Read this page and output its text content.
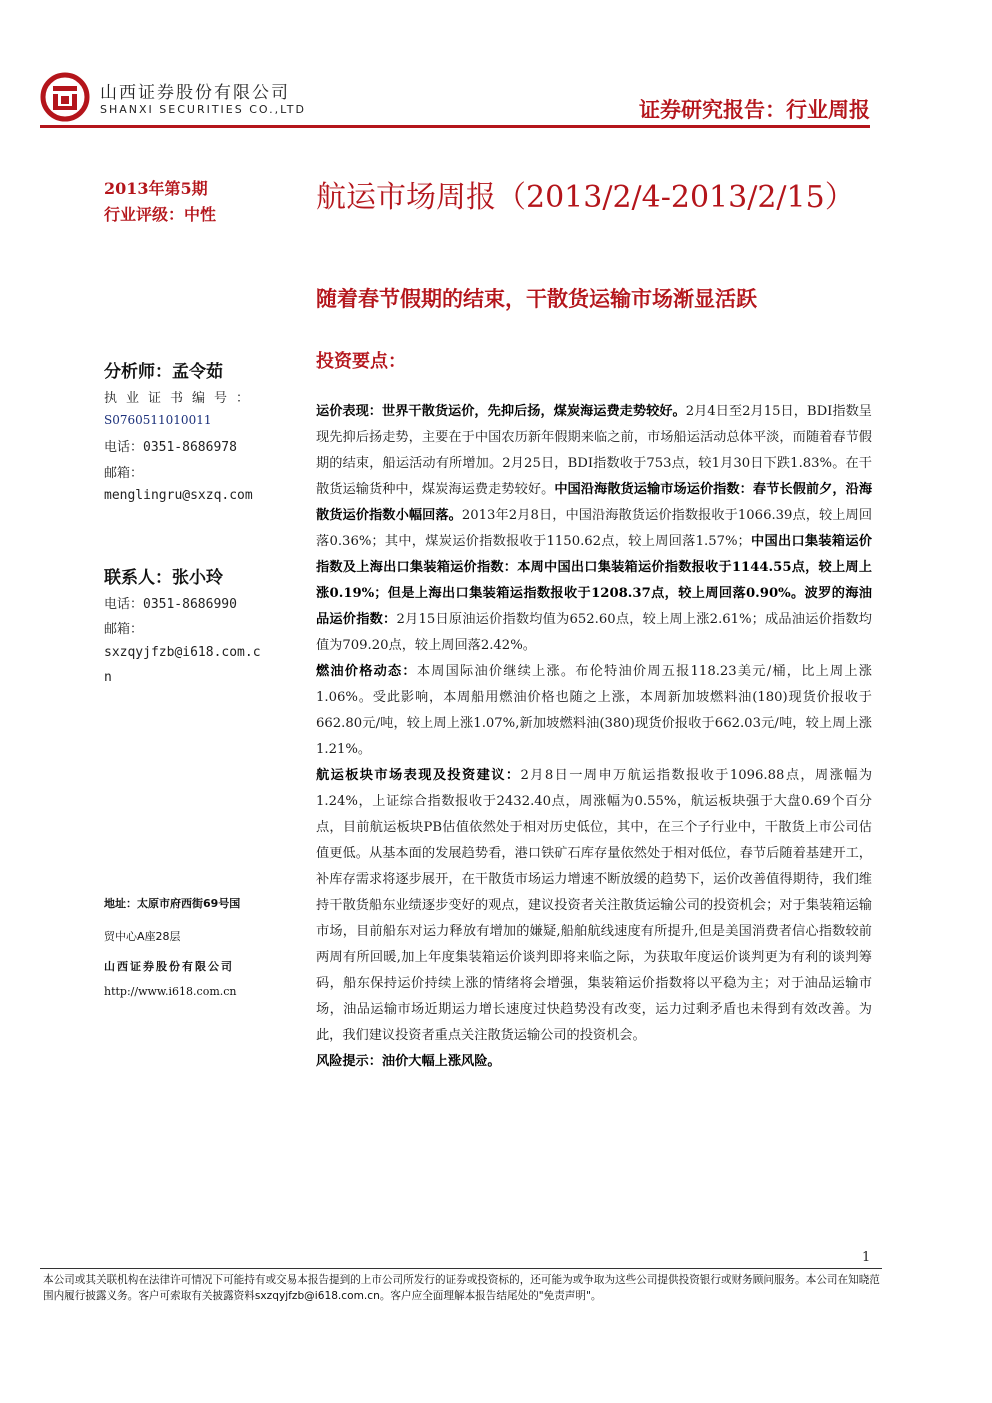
山西证券股份有限公司
SHANXI SECURITIES CO.,LTD	证券研究报告：行业周报
2013年第5期
行业评级：中性	航运市场周报（2013/2/4-2013/2/15）
随着春节假期的结束，干散货运输市场渐显活跃
分析师：孟令茹
执业证书编号：
S0760511010011
电话：0351-8686978
邮箱：
menglingru@sxzq.com
联系人：张小玲
电话：0351-8686990
邮箱：
sxzqyjfzb@i618.com.c
n
地址：太原市府西街69号国
贸中心A座28层
山西证券股份有限公司
http://www.i618.com.cn
投资要点：

运价表现：世界干散货运价，先抑后扬，煤炭海运费走势较好。2月4日至2月15日，BDI指数呈现先抑后扬走势，主要在于中国农历新年假期来临之前，市场船运活动总体平淡，而随着春节假期的结束，船运活动有所增加。2月25日，BDI指数收于753点，较1月30日下跌1.83%。在干散货运输货种中，煤炭海运费走势较好。中国沿海散货运输市场运价指数：春节长假前夕，沿海散货运价指数小幅回落。2013年2月8日，中国沿海散货运价指数报收于1066.39点，较上周回落0.36%；其中，煤炭运价指数报收于1150.62点，较上周回落1.57%；中国出口集装箱运价指数及上海出口集装箱运价指数：本周中国出口集装箱运价指数报收于1144.55点，较上周上涨0.19%；但是上海出口集装箱运指数报收于1208.37点，较上周回落0.90%。波罗的海油品运价指数：2月15日原油运价指数均值为652.60点，较上周上涨2.61%；成品油运价指数均值为709.20点，较上周回落2.42%。

燃油价格动态：本周国际油价继续上涨。布伦特油价周五报118.23美元/桶，比上周上涨1.06%。受此影响，本周船用燃油价格也随之上涨，本周新加坡燃料油(180)现货价报收于662.80元/吨，较上周上涨1.07%,新加坡燃料油(380)现货价报收于662.03元/吨，较上周上涨1.21%。

航运板块市场表现及投资建议：2月8日一周申万航运指数报收于1096.88点，周涨幅为1.24%，上证综合指数报收于2432.40点，周涨幅为0.55%，航运板块强于大盘0.69个百分点，目前航运板块PB估值依然处于相对历史低位，其中，在三个子行业中，干散货上市公司估值更低。从基本面的发展趋势看，港口铁矿石库存量依然处于相对低位，春节后随着基建开工，补库存需求将逐步展开，在干散货市场运力增速不断放缓的趋势下，运价改善值得期待，我们维持干散货船东业绩逐步变好的观点，建议投资者关注散货运输公司的投资机会；对于集装箱运输市场，目前船东对运力释放有增加的嫌疑,船舶航线速度有所提升,但是美国消费者信心指数较前两周有所回暖,加上年度集装箱运价谈判即将来临之际，为获取年度运价谈判更为有利的谈判筹码，船东保持运价持续上涨的情绪将会增强，集装箱运价指数将以平稳为主；对于油品运输市场，油品运输市场近期运力增长速度过快趋势没有改变，运力过剩矛盾也未得到有效改善。为此，我们建议投资者重点关注散货运输公司的投资机会。

风险提示：油价大幅上涨风险。

1
本公司或其关联机构在法律许可情况下可能持有或交易本报告提到的上市公司所发行的证券或投资标的，还可能为或争取为这些公司提供投资银行或财务顾问服务。本公司在知晓范围内履行披露义务。客户可索取有关披露资料sxzqyjfzb@i618.com.cn。客户应全面理解本报告结尾处的"免责声明"。
